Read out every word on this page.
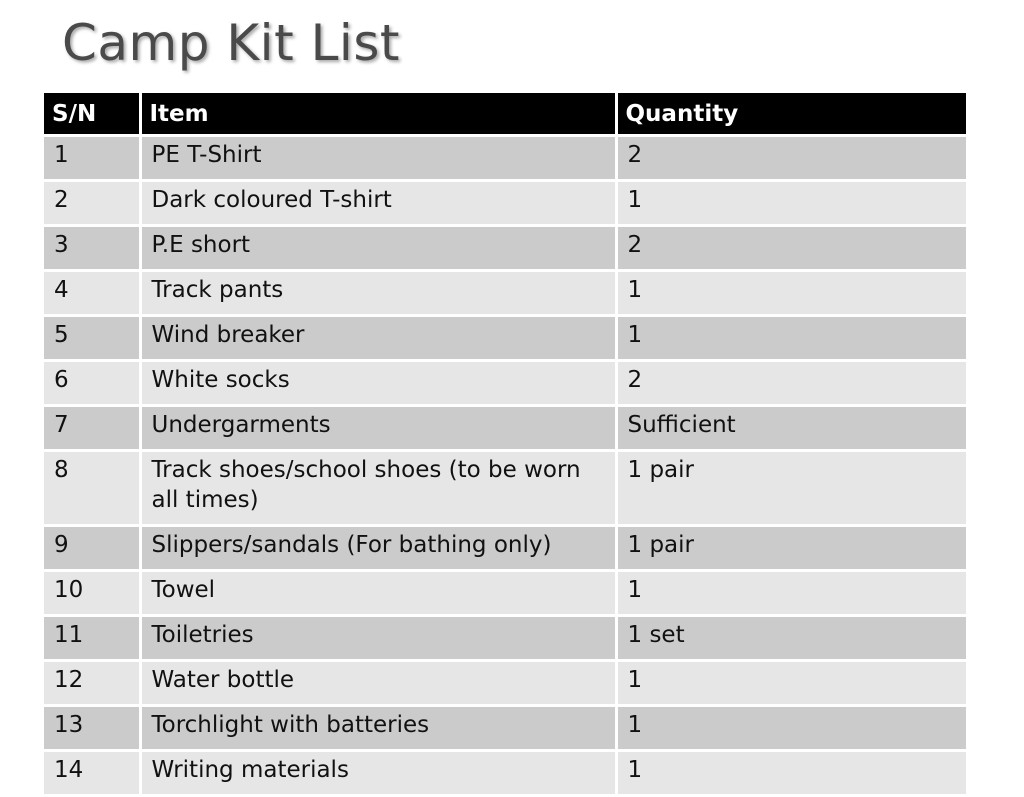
Camp Kit List
S/N	Item	Quantity
1	PE T-Shirt	2
2	Dark coloured T-shirt	1
3	P.E short	2
4	Track pants	1
5	Wind breaker	1
6	White socks	2
7	Undergarments	Sufficient
8	Track shoes/school shoes (to be worn all times)	1 pair
9	Slippers/sandals (For bathing only)	1 pair
10	Towel	1
11	Toiletries	1 set
12	Water bottle	1
13	Torchlight with batteries	1
14	Writing materials	1
